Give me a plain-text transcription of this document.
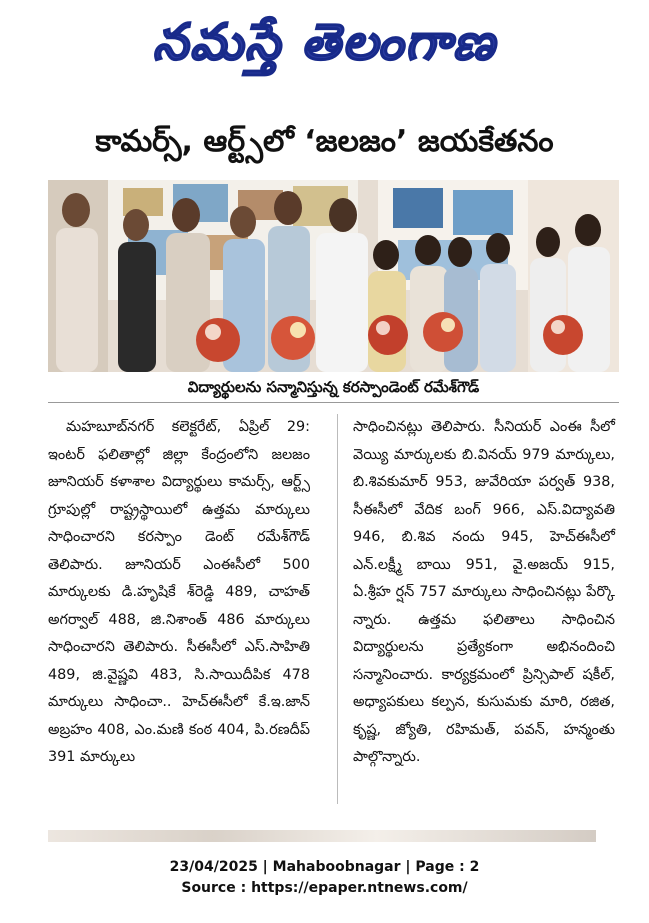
నమస్తే తెలంగాణ
కామర్స్, ఆర్ట్స్‌లో ‘జలజం’ జయకేతనం
విద్యార్థులను సన్మానిస్తున్న కరస్పాండెంట్ రమేశ్‌గౌడ్

మహబూబ్‌నగర్ కలెక్టరేట్, ఏప్రిల్ 29: ఇంటర్ ఫలితాల్లో జిల్లా కేంద్రంలోని జలజం జూనియర్ కళాశాల విద్యార్థులు కామర్స్, ఆర్ట్స్ గ్రూపుల్లో రాష్ట్రస్థాయిలో ఉత్తమ మార్కులు సాధించారని కరస్పాం డెంట్ రమేశ్‌గౌడ్ తెలిపారు. జూనియర్ ఎంఈసీలో 500 మార్కులకు డి.హృషికే శ్‌రెడ్డి 489, చాహత్ అగర్వాల్ 488, జి.నిశాంత్ 486 మార్కులు సాధించారని తెలిపారు. సీఈసీలో ఎస్.సాహితి 489, జి.వైష్ణవి 483, సి.సాయిదీపిక 478 మార్కులు సాధించా.. హెచ్ఈసీలో కే.ఇ.జాన్ అబ్రహం 408, ఎం.మణి కంఠ 404, పి.రణదీప్ 391 మార్కులు

సాధించినట్లు తెలిపారు. సీనియర్ ఎంఈ సీలో వెయ్యి మార్కులకు బి.వినయ్ 979 మార్కులు, బి.శివకుమార్ 953, జువేరియా పర్వత్ 938, సీఈసీలో వేదిక బంగ్ 966, ఎస్.విద్యావతి 946, బి.శివ నందు 945, హెచ్ఈసీలో ఎన్.లక్ష్మీ బాయి 951, వై.అజయ్ 915, ఏ.శ్రీహ ర్షన్ 757 మార్కులు సాధించినట్లు పేర్కొ న్నారు. ఉత్తమ ఫలితాలు సాధించిన విద్యార్థులను ప్రత్యేకంగా అభినందించి సన్మానించారు. కార్యక్రమంలో ప్రిన్సిపాల్ షకీల్, అధ్యాపకులు కల్పన, కుసుమకు మారి, రజిత, కృష్ణ, జ్యోతి, రహిమత్, పవన్, హన్మంతు పాల్గొన్నారు.

23/04/2025 | Mahaboobnagar | Page : 2
Source : https://epaper.ntnews.com/
